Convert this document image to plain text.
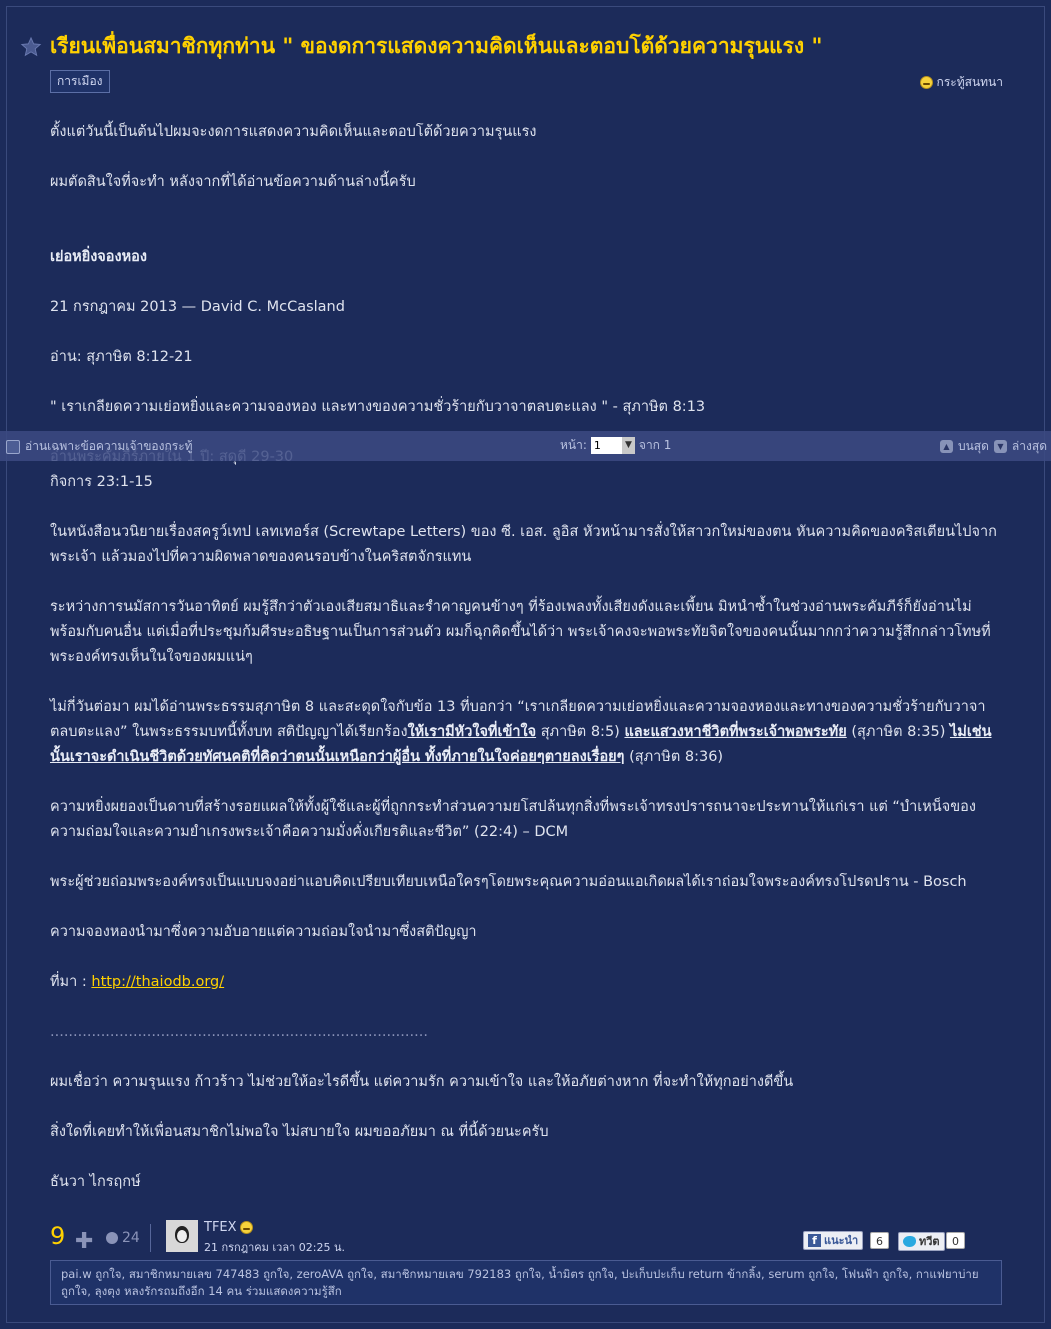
เรียนเพื่อนสมาชิกทุกท่าน " ของดการแสดงความคิดเห็นและตอบโต้ด้วยความรุนแรง "
การเมือง	กระทู้สนทนา
ตั้งแต่วันนี้เป็นต้นไปผมจะงดการแสดงความคิดเห็นและตอบโต้ด้วยความรุนแรง
ผมตัดสินใจที่จะทำ หลังจากที่ได้อ่านข้อความด้านล่างนี้ครับ
เย่อหยิ่งจองหอง
21 กรกฎาคม 2013 — David C. McCasland
อ่าน: สุภาษิต 8:12-21
" เราเกลียดความเย่อหยิ่งและความจองหอง และทางของความชั่วร้ายกับวาจาตลบตะแลง " - สุภาษิต 8:13
กิจการ 23:1-15
ในหนังสือนวนิยายเรื่องสครูว์เทป เลทเทอร์ส (Screwtape Letters) ของ ซี. เอส. ลูอิส หัวหน้ามารสั่งให้สาวกใหม่ของตน หันความคิดของคริสเตียนไปจากพระเจ้า แล้วมองไปที่ความผิดพลาดของคนรอบข้างในคริสตจักรแทน
ระหว่างการนมัสการวันอาทิตย์ ผมรู้สึกว่าตัวเองเสียสมาธิและรำคาญคนข้างๆ ที่ร้องเพลงทั้งเสียงดังและเพี้ยน มิหนำซ้ำในช่วงอ่านพระคัมภีร์ก็ยังอ่านไม่พร้อมกับคนอื่น แต่เมื่อที่ประชุมก้มศีรษะอธิษฐานเป็นการส่วนตัว ผมก็ฉุกคิดขึ้นได้ว่า พระเจ้าคงจะพอพระทัยจิตใจของคนนั้นมากกว่าความรู้สึกกล่าวโทษที่พระองค์ทรงเห็นในใจของผมแน่ๆ
ไม่กี่วันต่อมา ผมได้อ่านพระธรรมสุภาษิต 8 และสะดุดใจกับข้อ 13 ที่บอกว่า “เราเกลียดความเย่อหยิ่งและความจองหองและทางของความชั่วร้ายกับวาจาตลบตะแลง” ในพระธรรมบทนี้ทั้งบท สติปัญญาได้เรียกร้องให้เรามีหัวใจที่เข้าใจ สุภาษิต 8:5) และแสวงหาชีวิตที่พระเจ้าพอพระทัย (สุภาษิต 8:35) ไม่เช่นนั้นเราจะดำเนินชีวิตด้วยทัศนคติที่คิดว่าตนนั้นเหนือกว่าผู้อื่น ทั้งที่ภายในใจค่อยๆตายลงเรื่อยๆ (สุภาษิต 8:36)
ความหยิ่งผยองเป็นดาบที่สร้างรอยแผลให้ทั้งผู้ใช้และผู้ที่ถูกกระทำส่วนความยโสปล้นทุกสิ่งที่พระเจ้าทรงปรารถนาจะประทานให้แก่เรา แต่ “บำเหน็จของความถ่อมใจและความยำเกรงพระเจ้าคือความมั่งคั่งเกียรติและชีวิต” (22:4) – DCM
พระผู้ช่วยถ่อมพระองค์ทรงเป็นแบบจงอย่าแอบคิดเปรียบเทียบเหนือใครๆโดยพระคุณความอ่อนแอเกิดผลได้เราถ่อมใจพระองค์ทรงโปรดปราน - Bosch
ความจองหองนำมาซึ่งความอับอายแต่ความถ่อมใจนำมาซึ่งสติปัญญา
ที่มา : http://thaiodb.org/
..................................................................................
ผมเชื่อว่า ความรุนแรง ก้าวร้าว ไม่ช่วยให้อะไรดีขึ้น แต่ความรัก ความเข้าใจ และให้อภัยต่างหาก ที่จะทำให้ทุกอย่างดีขึ้น
สิ่งใดที่เคยทำให้เพื่อนสมาชิกไม่พอใจ ไม่สบายใจ ผมขออภัยมา ณ ที่นี้ด้วยนะครับ
ธันวา ไกรฤกษ์
อ่านเฉพาะข้อความเจ้าของกระทู้	หน้า: 1	▼ จาก 1	▲ บนสุด	▼ ล่างสุด
9 ✚ 24
TFEX
21 กรกฎาคม เวลา 02:25 น.
f แนะนำ	6	ทวีต	0
pai.w ถูกใจ, สมาชิกหมายเลข 747483 ถูกใจ, zeroAVA ถูกใจ, สมาชิกหมายเลข 792183 ถูกใจ, น้ำมิตร ถูกใจ, ปะเก็บปะเก็บ return ข้ากลิ้ง, serum ถูกใจ, โฟนฟ้า ถูกใจ, กาแฟยาบ่าย ถูกใจ, ลุงตุง หลงรักรถมถึงอีก 14 คน ร่วมแสดงความรู้สึก
